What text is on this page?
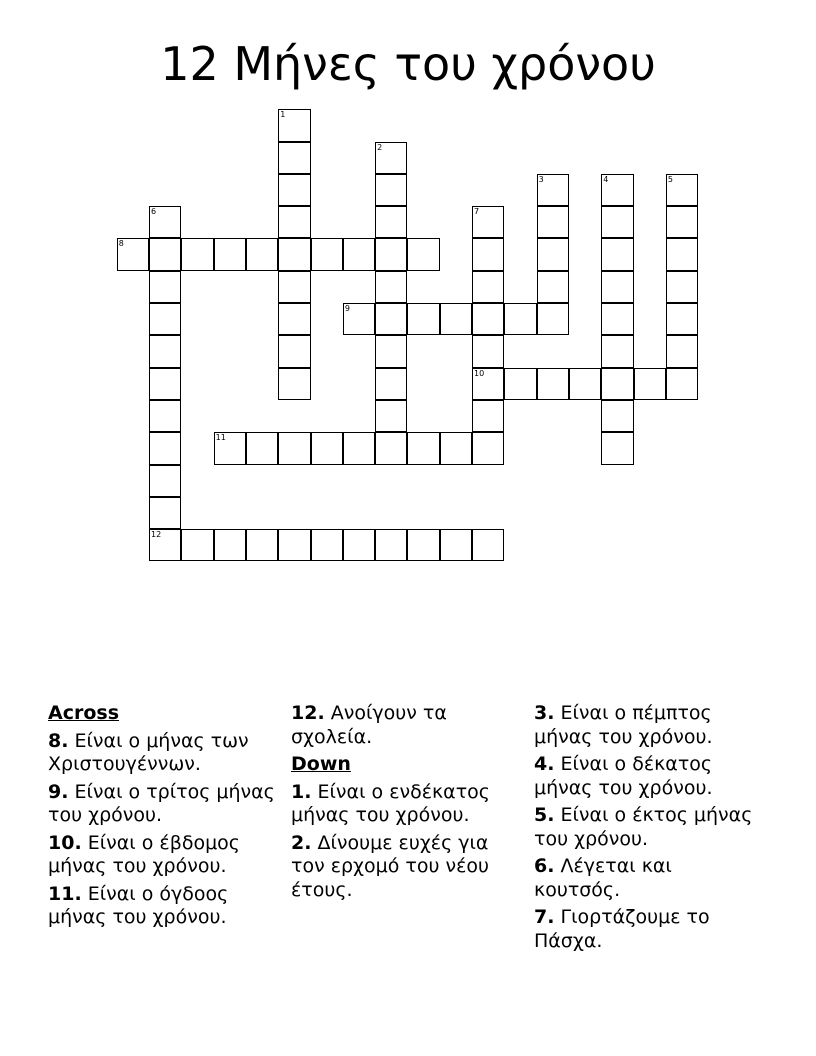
12 Μήνες του χρόνου
1
2
3	4	5
6
12
7
10
8
9
11
Across
8. Είναι ο μήνας των Χριστουγέννων.
9. Είναι ο τρίτος μήνας του χρόνου.
10. Είναι ο έβδομος μήνας του χρόνου.
11. Είναι ο όγδοος μήνας του χρόνου.
12. Ανοίγουν τα σχολεία.
Down
1. Είναι ο ενδέκατος μήνας του χρόνου.
2. Δίνουμε ευχές για τον ερχομό του νέου έτους.
3. Είναι ο πέμπτος μήνας του χρόνου.
4. Είναι ο δέκατος μήνας του χρόνου.
5. Είναι ο έκτος μήνας του χρόνου.
6. Λέγεται και κουτσός.
7. Γιορτάζουμε το Πάσχα.
